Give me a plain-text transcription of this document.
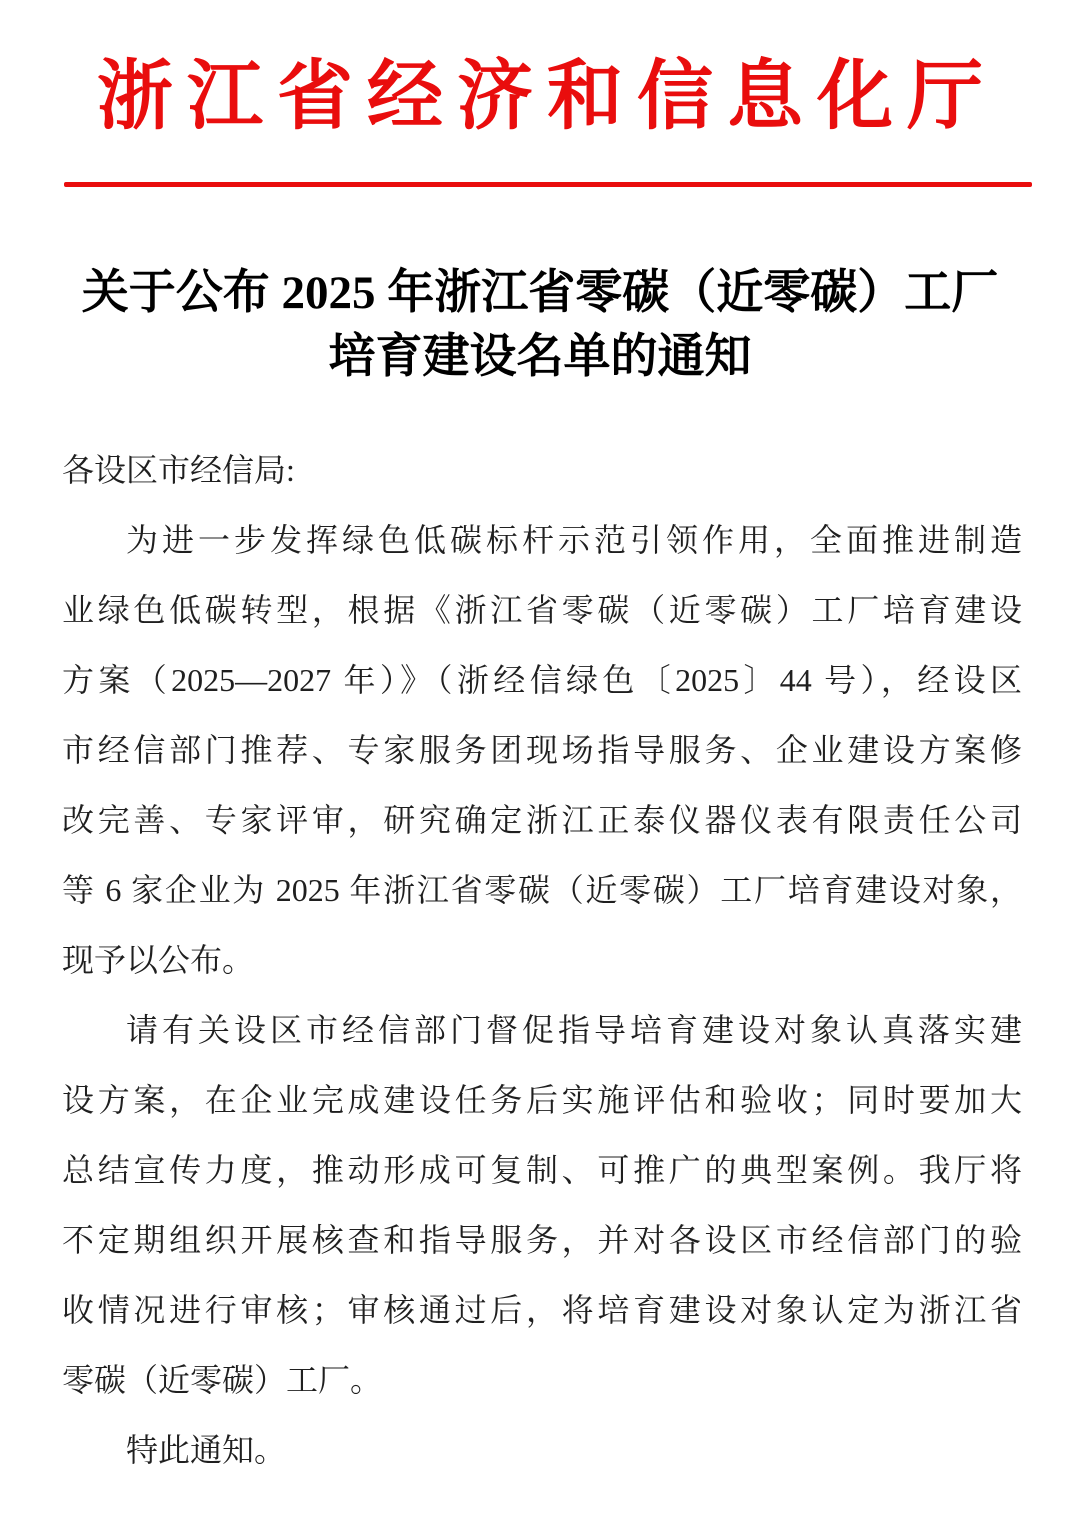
浙江省经济和信息化厅
关于公布 2025 年浙江省零碳（近零碳）工厂
培育建设名单的通知
各设区市经信局:
为进一步发挥绿色低碳标杆示范引领作用，全面推进制造
业绿色低碳转型，根据《浙江省零碳（近零碳）工厂培育建设
方案（2025—2027 年）》（浙经信绿色〔2025〕44 号），经设区
市经信部门推荐、专家服务团现场指导服务、企业建设方案修
改完善、专家评审，研究确定浙江正泰仪器仪表有限责任公司
等 6 家企业为 2025 年浙江省零碳（近零碳）工厂培育建设对象，
现予以公布。
请有关设区市经信部门督促指导培育建设对象认真落实建
设方案，在企业完成建设任务后实施评估和验收；同时要加大
总结宣传力度，推动形成可复制、可推广的典型案例。我厅将
不定期组织开展核查和指导服务，并对各设区市经信部门的验
收情况进行审核；审核通过后，将培育建设对象认定为浙江省
零碳（近零碳）工厂。
特此通知。
